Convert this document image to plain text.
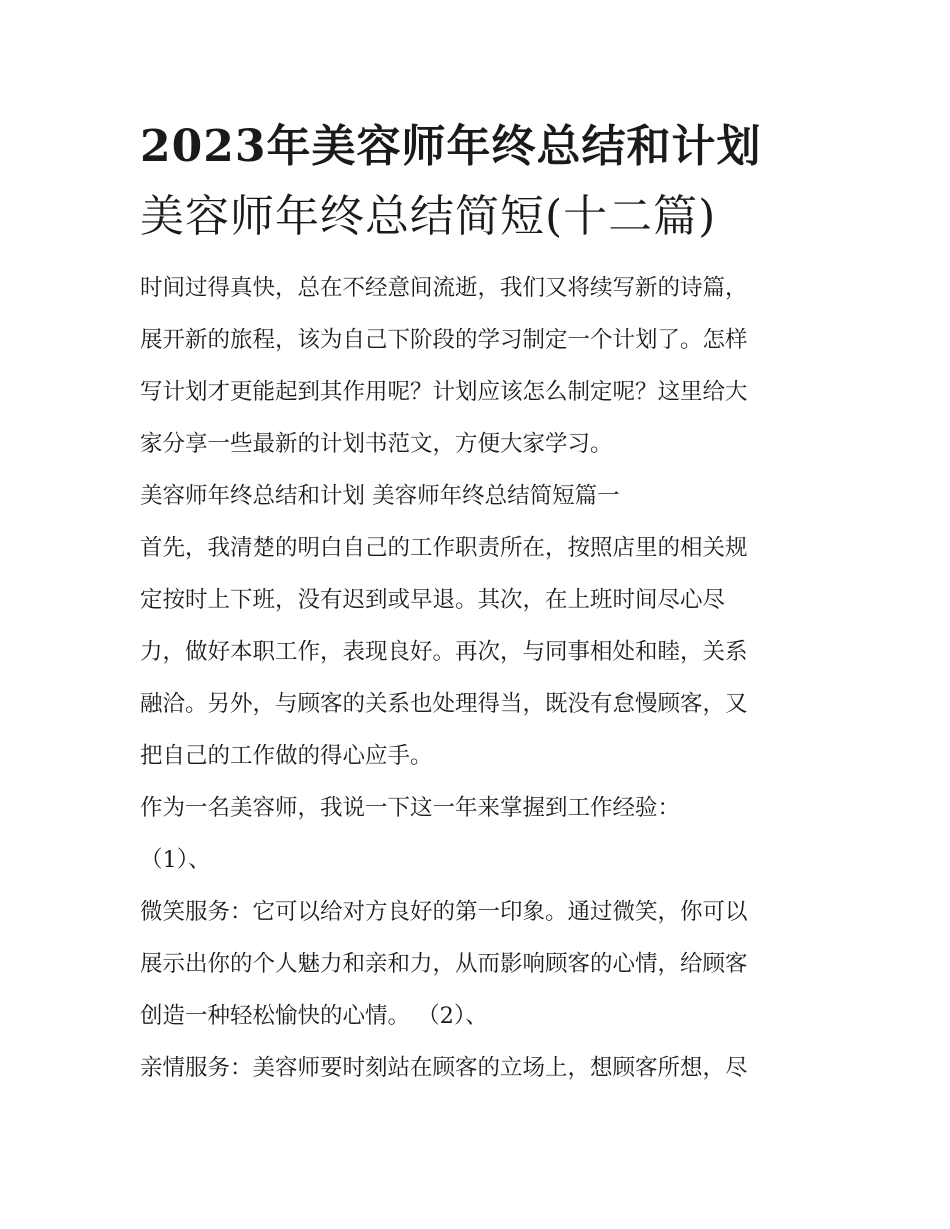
2023年美容师年终总结和计划
美容师年终总结简短(十二篇)

时间过得真快，总在不经意间流逝，我们又将续写新的诗篇，
展开新的旅程，该为自己下阶段的学习制定一个计划了。怎样
写计划才更能起到其作用呢？计划应该怎么制定呢？这里给大
家分享一些最新的计划书范文，方便大家学习。

美容师年终总结和计划 美容师年终总结简短篇一

首先，我清楚的明白自己的工作职责所在，按照店里的相关规
定按时上下班，没有迟到或早退。其次，在上班时间尽心尽
力，做好本职工作，表现良好。再次，与同事相处和睦，关系
融洽。另外，与顾客的关系也处理得当，既没有怠慢顾客，又
把自己的工作做的得心应手。

作为一名美容师，我说一下这一年来掌握到工作经验：

（1）、

微笑服务：它可以给对方良好的第一印象。通过微笑，你可以
展示出你的个人魅力和亲和力，从而影响顾客的心情，给顾客
创造一种轻松愉快的心情。 （2）、

亲情服务：美容师要时刻站在顾客的立场上，想顾客所想，尽
